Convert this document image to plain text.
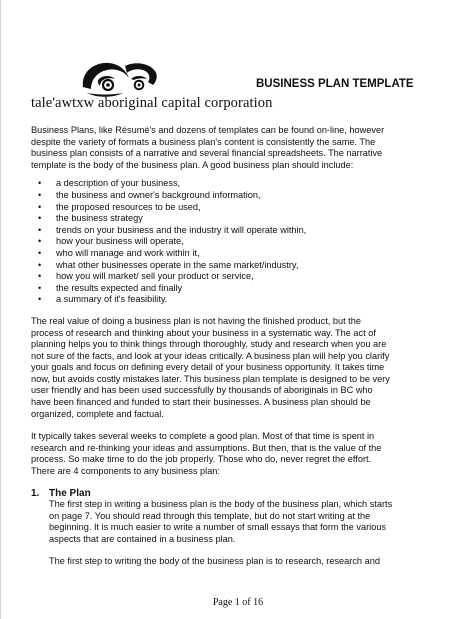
tale'awtxw aboriginal capital corporation
BUSINESS PLAN TEMPLATE

Business Plans, like Résumé's and dozens of templates can be found on-line, however
despite the variety of formats a business plan's content is consistently the same. The
business plan consists of a narrative and several financial spreadsheets. The narrative
template is the body of the business plan. A good business plan should include:

• a description of your business,
• the business and owner's background information,
• the proposed resources to be used,
• the business strategy
• trends on your business and the industry it will operate within,
• how your business will operate,
• who will manage and work within it,
• what other businesses operate in the same market/industry,
• how you will market/ sell your product or service,
• the results expected and finally
• a summary of it's feasibility.

The real value of doing a business plan is not having the finished product, but the
process of research and thinking about your business in a systematic way. The act of
planning helps you to think things through thoroughly, study and research when you are
not sure of the facts, and look at your ideas critically. A business plan will help you clarify
your goals and focus on defining every detail of your business opportunity. It takes time
now, but avoids costly mistakes later. This business plan template is designed to be very
user friendly and has been used successfully by thousands of aboriginals in BC who
have been financed and funded to start their businesses. A business plan should be
organized, complete and factual.

It typically takes several weeks to complete a good plan. Most of that time is spent in
research and re-thinking your ideas and assumptions. But then, that is the value of the
process. So make time to do the job properly. Those who do, never regret the effort.
There are 4 components to any business plan:

1. The Plan

The first step in writing a business plan is the body of the business plan, which starts
on page 7. You should read through this template, but do not start writing at the
beginning. It is much easier to write a number of small essays that form the various
aspects that are contained in a business plan.

The first step to writing the body of the business plan is to research, research and

Page 1 of 16
